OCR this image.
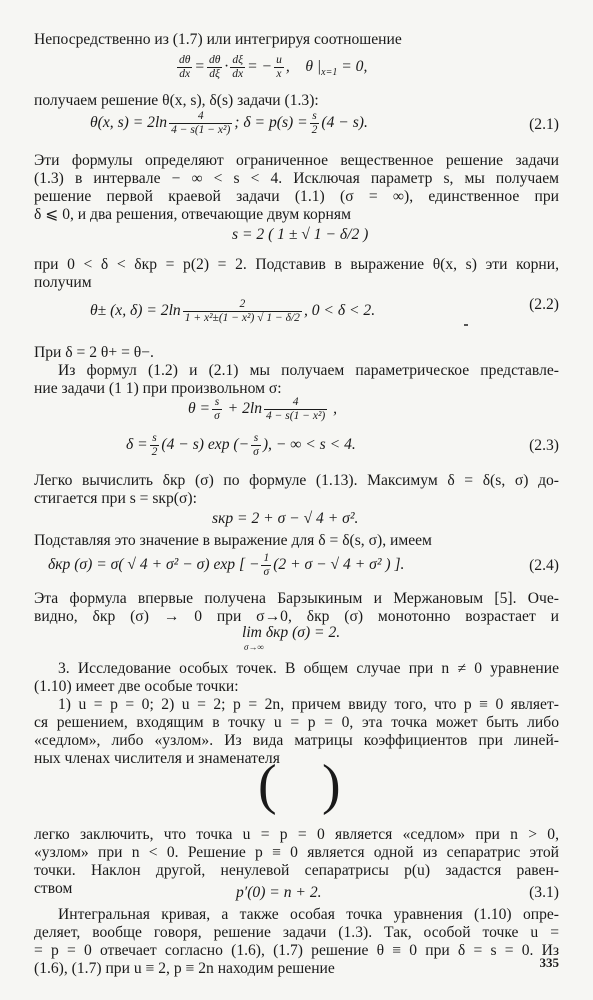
Непосредственно из (1.7) или интегрируя соотношение
$\frac{d\theta}{dx} = \frac{d\theta}{d\xi} \cdot \frac{d\xi}{dx}$ = − $\frac{u}{x}$ , θ $|_{x=1} = 0$,
получаем решение θ(x, s), δ(s) задачи (1.3):
θ(x, $s) = 2\ln \frac{4}{\text{4 − s(1 − x²)}}$ ; $\delta = p(s) = \frac{s}{2} (4 - s)$.	(2.1)
Эти формулы определяют ограниченное вещественное решение задачи
(1.3) в интервале − ∞ < s < 4. Исключая параметр s, мы получаем
решение первой краевой задачи (1.1) (σ = ∞), единственное при
δ ⩽ 0, и два решения, отвечающие двум корням
s = 2 ( 1 ± √ 1 − δ/2 )
при 0 < δ < δкр = p(2) = 2. Подставив в выражение θ(x, s) эти корни,
получим
θ± (x, $\delta) = 2\ln \frac{2}{\text{1 + x²±(1 − x²) √ 1 − δ/2}}$ , 0 < δ < 2.	(2.2)
При δ = 2 θ+ = θ−.
Из формул (1.2) и (2.1) мы получаем параметрическое представле-
ние задачи (1 1) при произвольном σ:
$\theta = \frac{s}{\sigma} + 2\ln \frac{4}{\text{4 − s(1 − x²)}}$ ,
$\delta = \frac{s}{2} (4 - s)$ exp (− $\frac{s}{\sigma}$ ), − ∞ < s < 4.	(2.3)
Легко вычислить δкр (σ) по формуле (1.13). Максимум δ = δ(s, σ) до-
стигается при s = sкр(σ):
sкр = 2 + σ − √ 4 + σ².
Подставляя это значение в выражение для δ = δ(s, σ), имеем
δкр (σ) = σ( √ 4 + σ² − σ) exp [ − $\frac{1}{\sigma} (2 + \sigma$ − √ 4 + σ² ) ].	(2.4)
Эта формула впервые получена Барзыкиным и Мержановым [5]. Оче-
видно, δкр (σ) → 0 при σ→0, δкр (σ) монотонно возрастает и
lim δкр (σ) = 2.
σ→∞
3. Исследование особых точек. В общем случае при n ≠ 0 уравнение
(1.10) имеет две особые точки:
1) u = p = 0; 2) u = 2; p = 2n, причем ввиду того, что p ≡ 0 являет-
ся решением, входящим в точку u = p = 0, эта точка может быть либо
«седлом», либо «узлом». Из вида матрицы коэффициентов при линей-
ных членах числителя и знаменателя
( )
легко заключить, что точка u = p = 0 является «седлом» при n > 0,
«узлом» при n < 0. Решение p ≡ 0 является одной из сепаратрис этой
точки. Наклон другой, ненулевой сепаратрисы p(u) задастся равен-
ством	p′(0) = n + 2.	(3.1)
Интегральная кривая, а также особая точка уравнения (1.10) опре-
деляет, вообще говоря, решение задачи (1.3). Так, особой точке u =
= p = 0 отвечает согласно (1.6), (1.7) решение θ ≡ 0 при δ = s = 0. Из
(1.6), (1.7) при u ≡ 2, p ≡ 2n находим решение	335
